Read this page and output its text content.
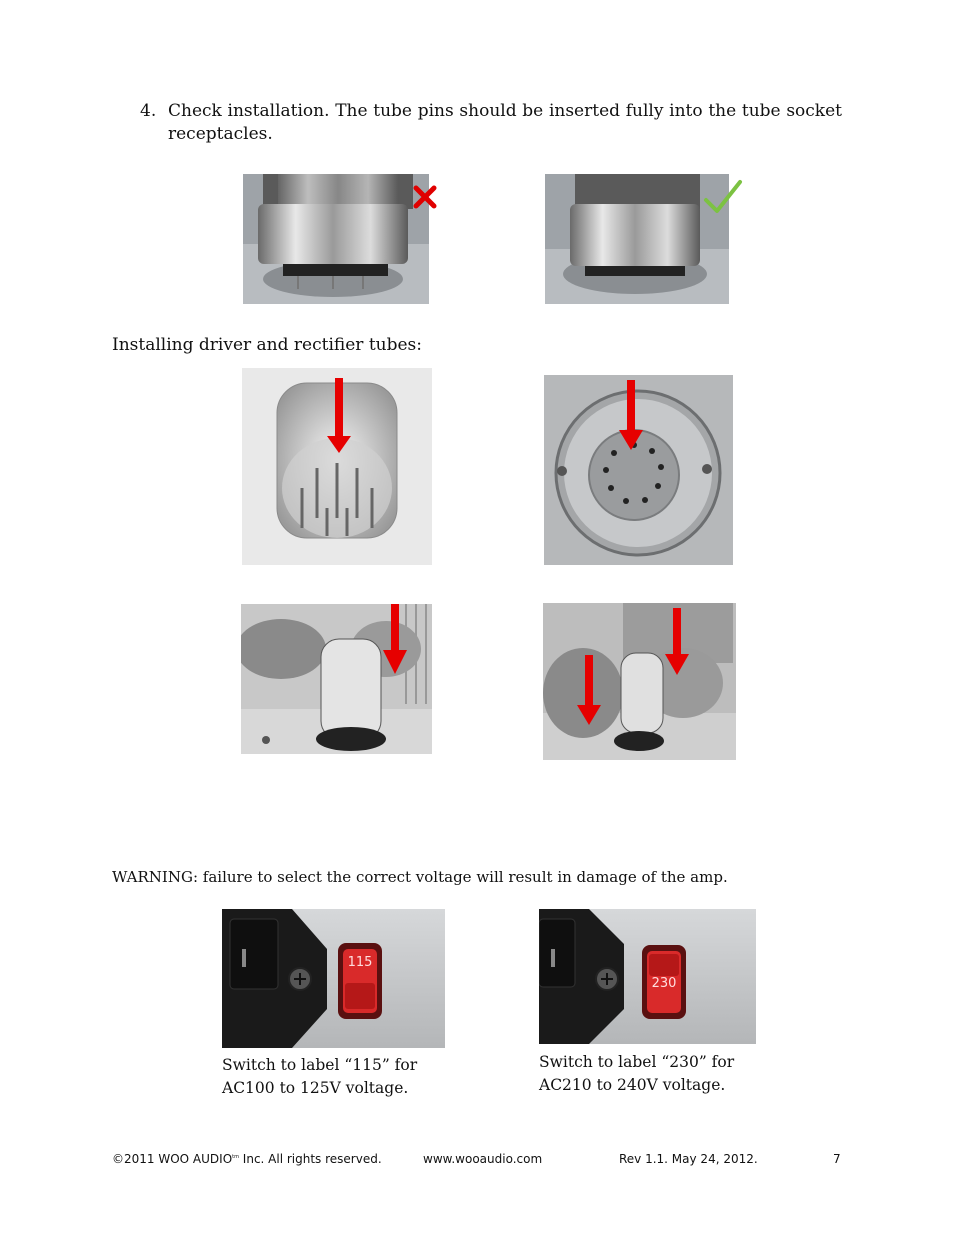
4. Check installation. The tube pins should be inserted fully into the tube socket receptacles.
Installing driver and rectifier tubes:
WARNING: failure to select the correct voltage will result in damage of the amp.
115
230
Switch to label “115” for
AC100 to 125V voltage.
Switch to label “230” for
AC210 to 240V voltage.
©2011 WOO $AUDIO^{tm}$ Inc. All rights reserved.	www.wooaudio.com	Rev 1.1. May 24, 2012.	7
